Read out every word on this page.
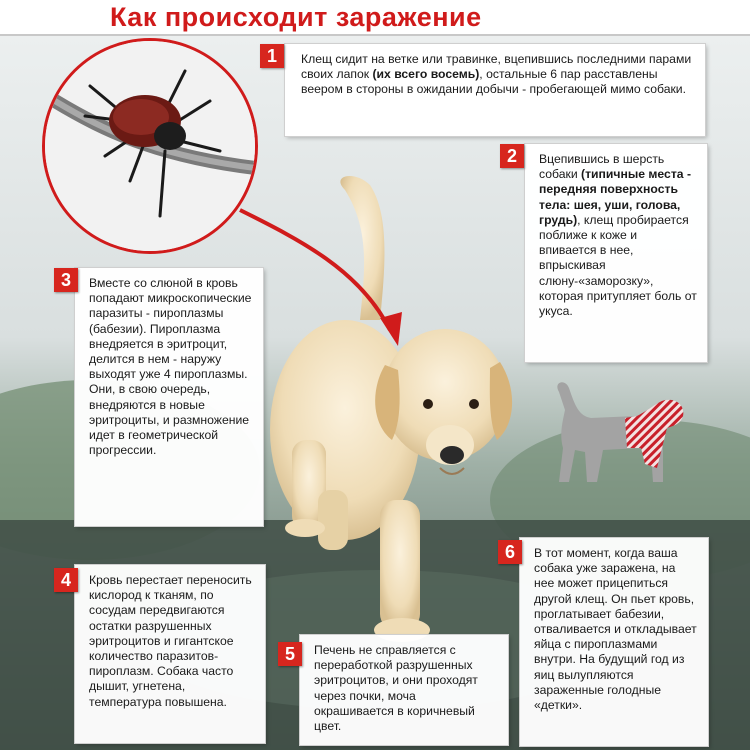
Как происходит заражение

Клещ сидит на ветке или травинке, вцепившись последними парами своих лапок (их всего восемь), остальные 6 пар расставлены веером в стороны в ожидании добычи - пробегающей мимо собаки.

1

Вцепившись в шерсть собаки (типичные места - передняя поверхность тела: шея, уши, голова, грудь), клещ пробирается поближе к коже и впивается в нее, впрыскивая слюну-«заморозку», которая притупляет боль от укуса.

2

Вместе со слюной в кровь попадают микроскопические паразиты - пироплазмы (бабезии). Пироплазма внедряется в эритроцит, делится в нем - наружу выходят уже 4 пироплазмы. Они, в свою очередь, внедряются в новые эритроциты, и размножение идет в геометрической прогрессии.

3

Кровь перестает переносить кислород к тканям, по сосудам передвигаются остатки разрушенных эритроцитов и гигантское количество паразитов-пироплазм. Собака часто дышит, угнетена, температура повышена.

4

Печень не справляется с переработкой разрушенных эритроцитов, и они проходят через почки, моча окрашивается в коричневый цвет.

5

В тот момент, когда ваша собака уже заражена, на нее может прицепиться другой клещ. Он пьет кровь, проглатывает бабезии, отваливается и откладывает яйца с пироплазмами внутри. На будущий год из яиц вылупляются зараженные голодные «детки».

6
